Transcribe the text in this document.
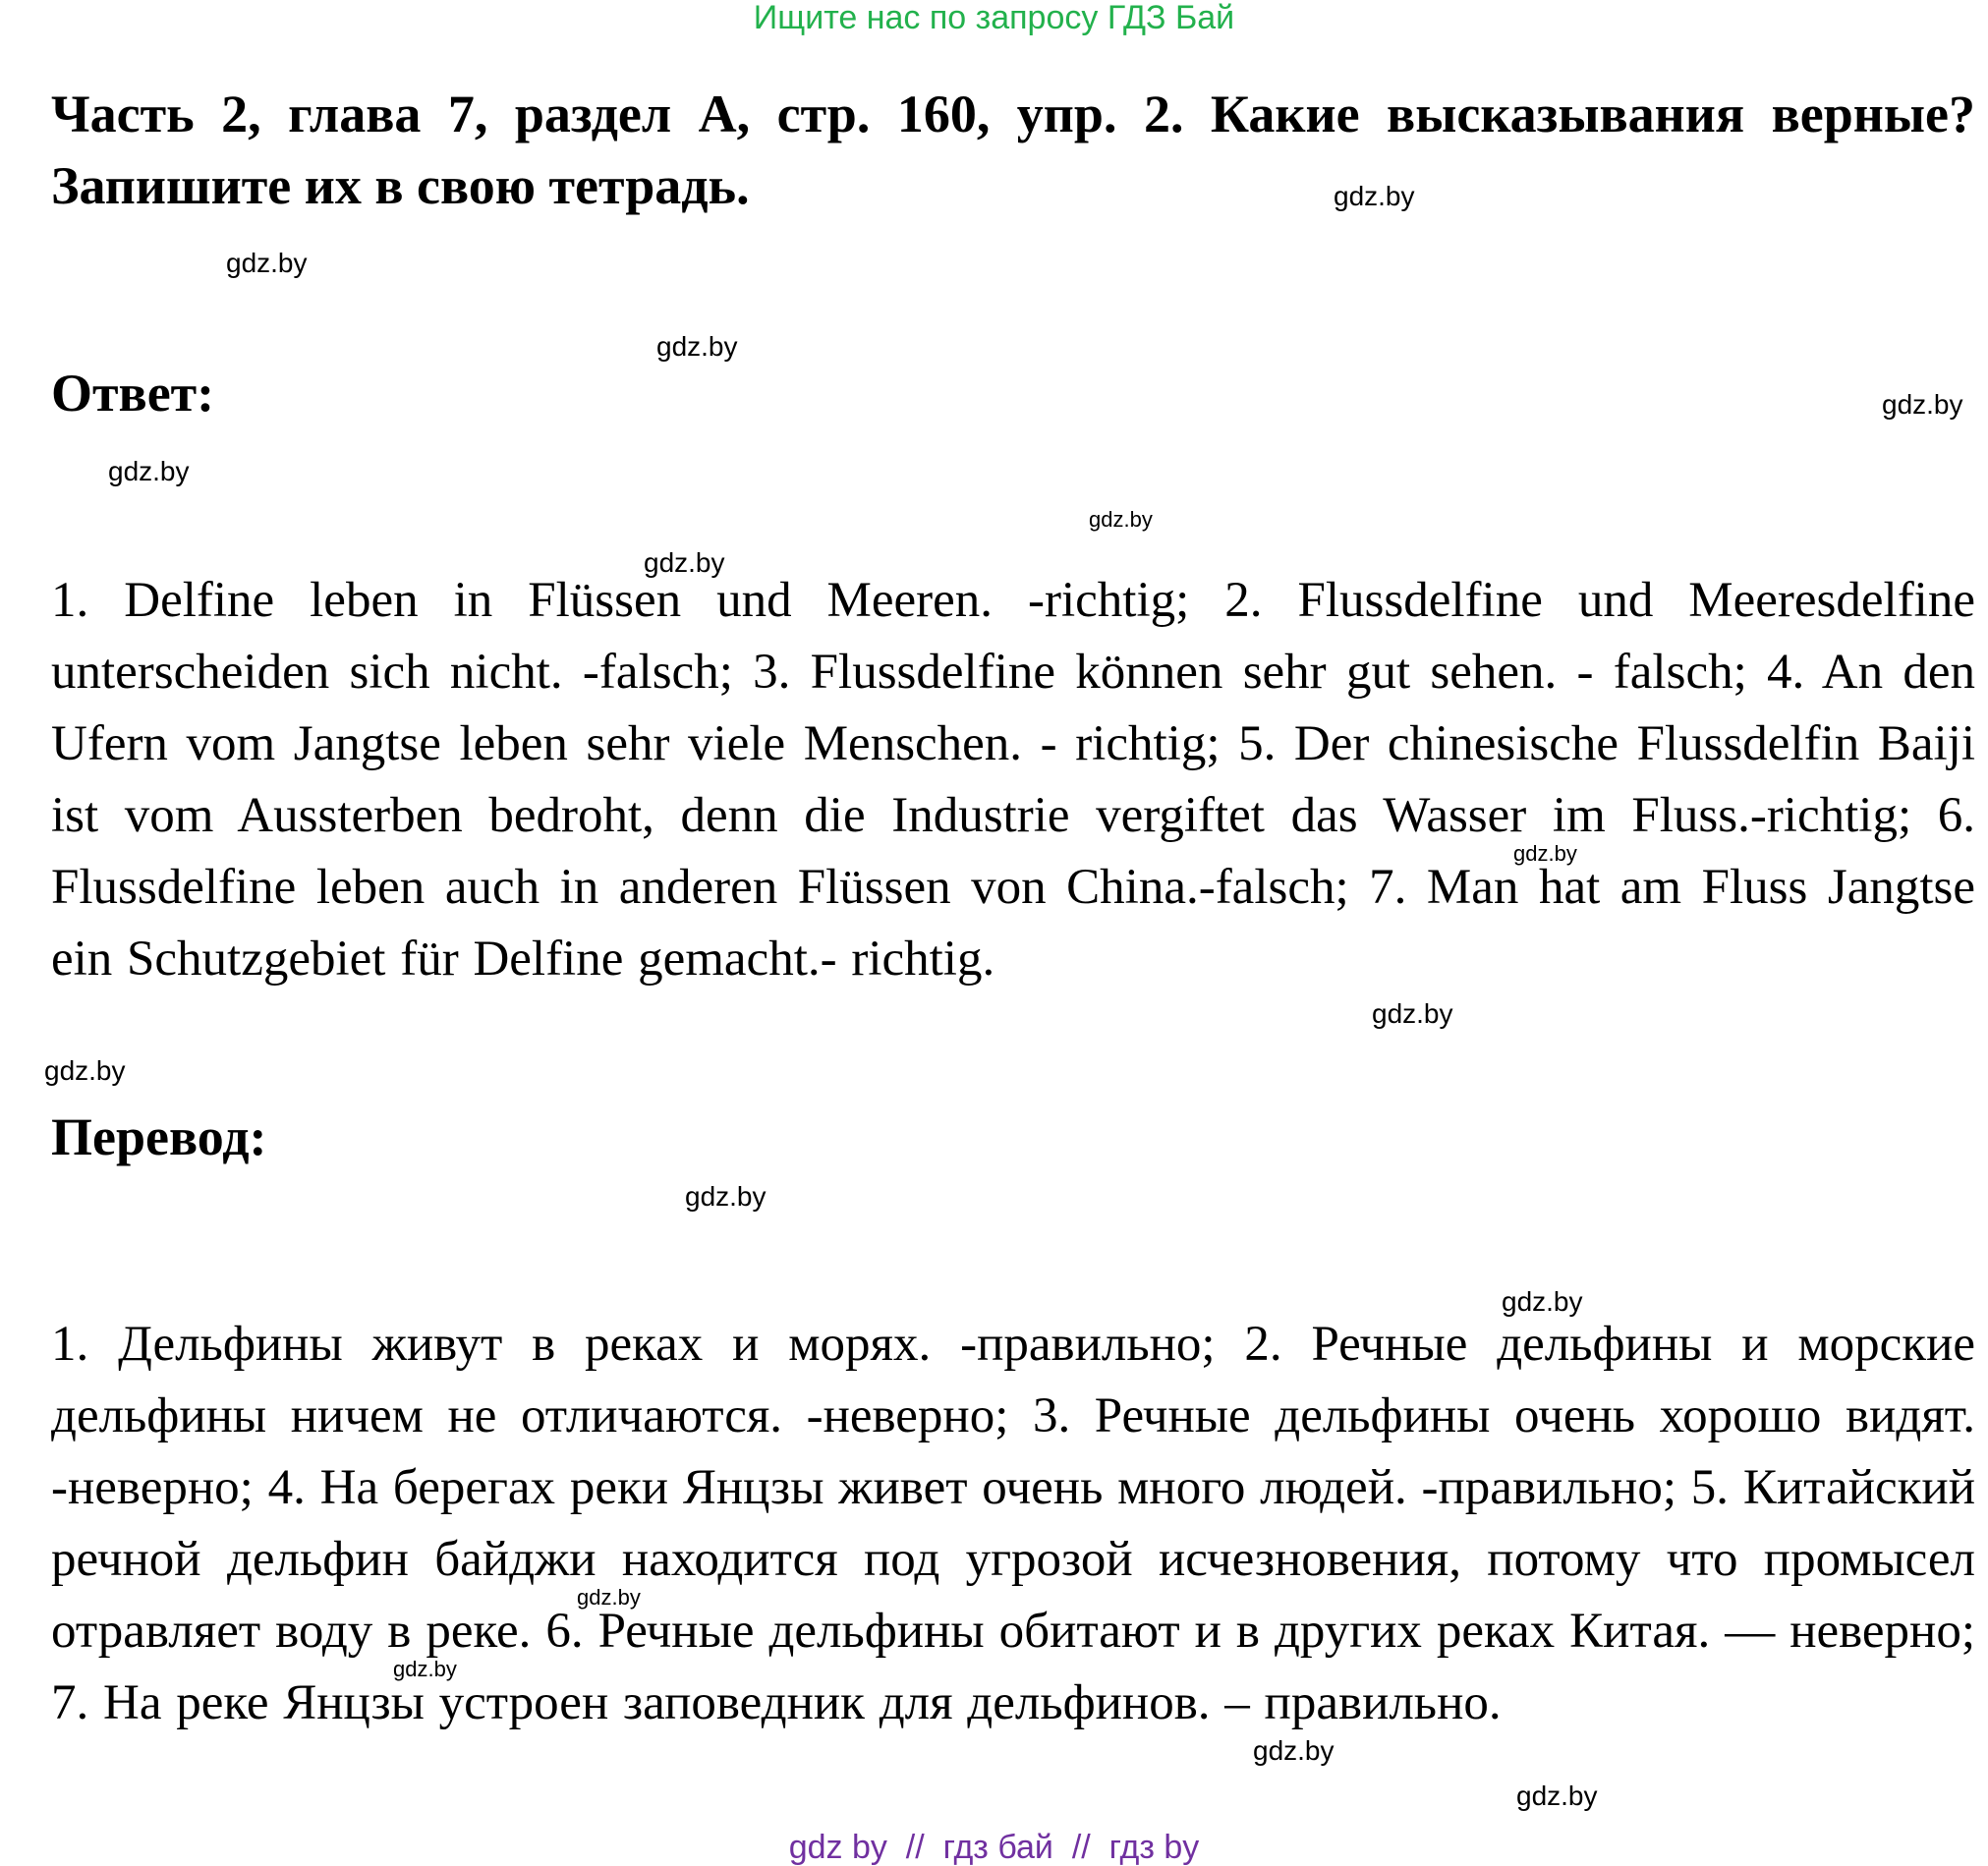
Ищите нас по запросу ГДЗ Бай
Часть 2, глава 7, раздел А, стр. 160, упр. 2. Какие высказывания верные? Запишите их в свою тетрадь.
Ответ:
1. Delfine leben in Flüssen und Meeren. -richtig; 2. Flussdelfine und Meeresdelfine unterscheiden sich nicht. -falsch; 3. Flussdelfine können sehr gut sehen. - falsch; 4. An den Ufern vom Jangtse leben sehr viele Menschen. - richtig; 5. Der chinesische Flussdelfin Baiji ist vom Aussterben bedroht, denn die Industrie vergiftet das Wasser im Fluss.-richtig; 6. Flussdelfine leben auch in anderen Flüssen von China.-falsch; 7. Man hat am Fluss Jangtse ein Schutzgebiet für Delfine gemacht.- richtig.
Перевод:
1. Дельфины живут в реках и морях. -правильно; 2. Речные дельфины и морские дельфины ничем не отличаются. -неверно; 3. Речные дельфины очень хорошо видят. -неверно; 4. На берегах реки Янцзы живет очень много людей. -правильно; 5. Китайский речной дельфин байджи находится под угрозой исчезновения, потому что промысел отравляет воду в реке. 6. Речные дельфины обитают и в других реках Китая. — неверно; 7. На реке Янцзы устроен заповедник для дельфинов. – правильно.
gdz.by
gdz.by
gdz.by
gdz.by
gdz.by
gdz.by
gdz.by
gdz.by
gdz.by
gdz.by
gdz.by
gdz.by
gdz.by
gdz.by
gdz.by
gdz.by
gdz by  //  гдз бай  //  гдз by
